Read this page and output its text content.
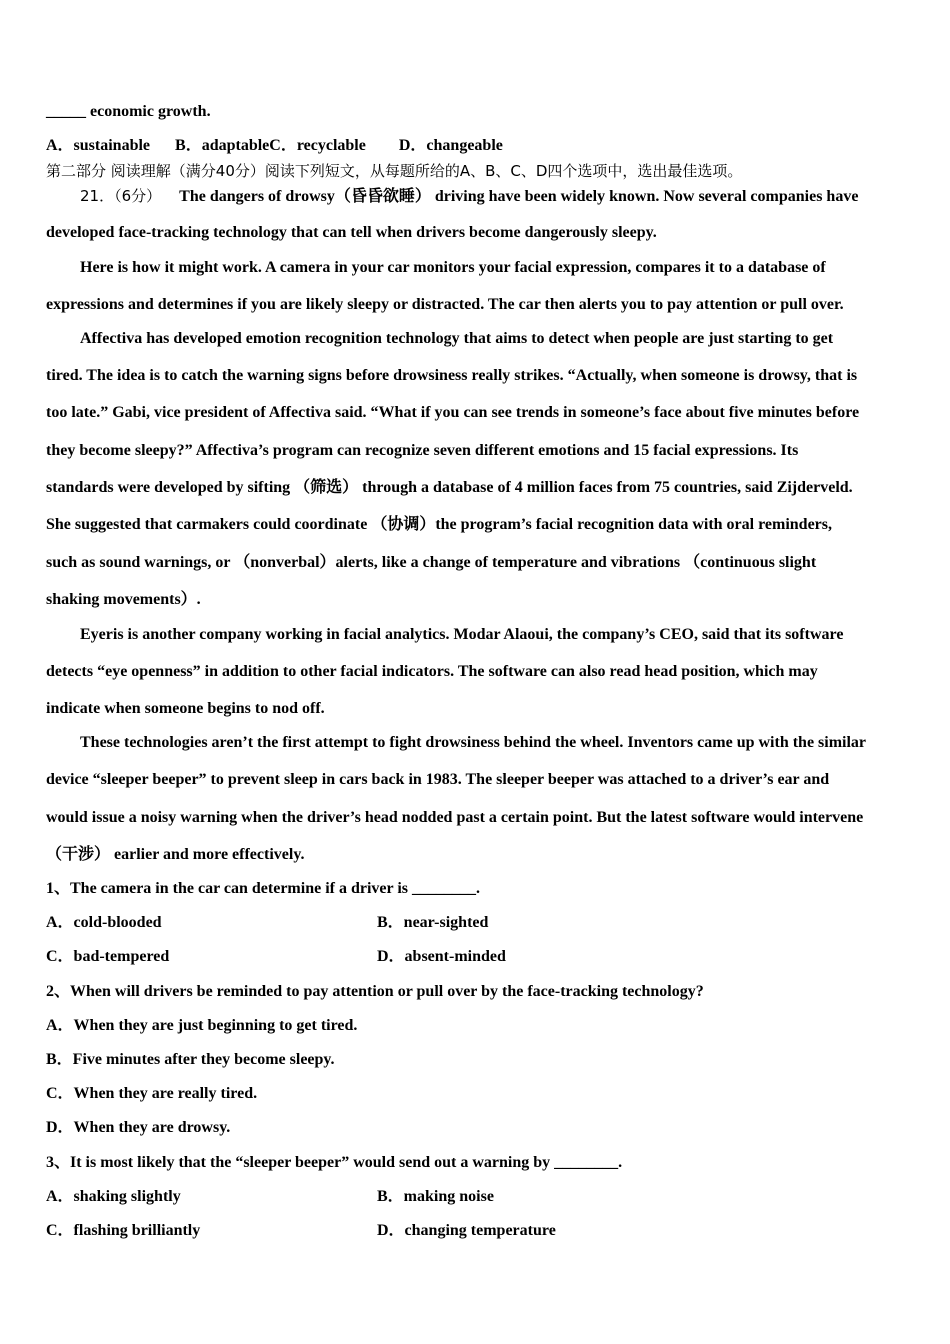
_____ economic growth.
A．sustainable B．adaptableC．recyclable D．changeable
第二部分 阅读理解（满分40分）阅读下列短文，从每题所给的A、B、C、D四个选项中，选出最佳选项。
21．（6分） The dangers of drowsy（昏昏欲睡） driving have been widely known. Now several companies have
developed face-tracking technology that can tell when drivers become dangerously sleepy.
Here is how it might work. A camera in your car monitors your facial expression, compares it to a database of
expressions and determines if you are likely sleepy or distracted. The car then alerts you to pay attention or pull over.
Affectiva has developed emotion recognition technology that aims to detect when people are just starting to get
tired. The idea is to catch the warning signs before drowsiness really strikes. “Actually, when someone is drowsy, that is
too late.” Gabi, vice president of Affectiva said. “What if you can see trends in someone’s face about five minutes before
they become sleepy?” Affectiva’s program can recognize seven different emotions and 15 facial expressions. Its
standards were developed by sifting （筛选） through a database of 4 million faces from 75 countries, said Zijderveld.
She suggested that carmakers could coordinate （协调）the program’s facial recognition data with oral reminders,
such as sound warnings, or （nonverbal）alerts, like a change of temperature and vibrations （continuous slight
shaking movements）.
Eyeris is another company working in facial analytics. Modar Alaoui, the company’s CEO, said that its software
detects “eye openness” in addition to other facial indicators. The software can also read head position, which may
indicate when someone begins to nod off.
These technologies aren’t the first attempt to fight drowsiness behind the wheel. Inventors came up with the similar
device “sleeper beeper” to prevent sleep in cars back in 1983. The sleeper beeper was attached to a driver’s ear and
would issue a noisy warning when the driver’s head nodded past a certain point. But the latest software would intervene
（干涉） earlier and more effectively.
1、The camera in the car can determine if a driver is ________.
A．cold-blooded	B．near-sighted
C．bad-tempered	D．absent-minded
2、When will drivers be reminded to pay attention or pull over by the face-tracking technology?
A．When they are just beginning to get tired.
B．Five minutes after they become sleepy.
C．When they are really tired.
D．When they are drowsy.
3、It is most likely that the “sleeper beeper” would send out a warning by ________.
A．shaking slightly	B．making noise
C．flashing brilliantly	D．changing temperature
